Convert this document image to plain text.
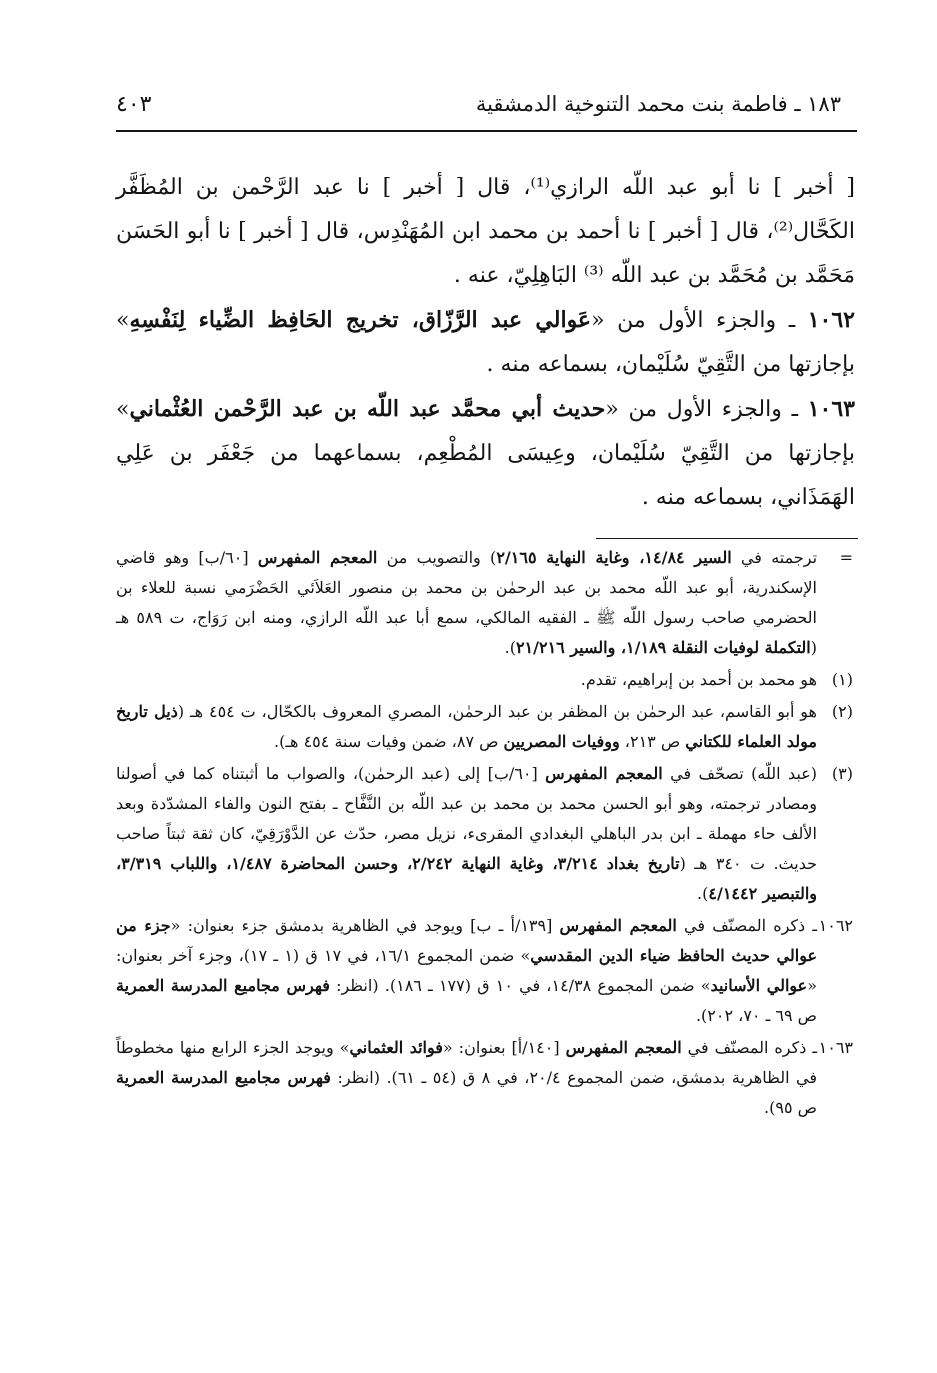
١٨٣ ـ فاطمة بنت محمد التنوخية الدمشقية
٤٠٣

[ أخبر ] نا أبو عبد اللّه الرازي⁽¹⁾، قال [ أخبر ] نا عبد الرَّحْمن بن المُظَفَّر الكَحَّال⁽²⁾، قال [ أخبر ] نا أحمد بن محمد ابن المُهَنْدِس، قال [ أخبر ] نا أبو الحَسَن مَحَمَّد بن مُحَمَّد بن عبد اللّه ⁽³⁾ البَاهِلِيّ، عنه .

١٠٦٢ ـ والجزء الأول من «عَوالي عبد الرَّزّاق، تخريج الحَافِظ الضِّياء لِنَفْسِهِ» بإجازتها من التَّقِيّ سُلَيْمان، بسماعه منه .

١٠٦٣ ـ والجزء الأول من «حديث أبي محمَّد عبد اللّه بن عبد الرَّحْمن العُثْماني» بإجازتها من التَّقِيّ سُلَيْمان، وعِيسَى المُطْعِم، بسماعهما من جَعْفَر بن عَلِي الهَمَذَاني، بسماعه منه .

=
ترجمته في السير ١٤/٨٤، وغاية النهاية ٢/١٦٥) والتصويب من المعجم المفهرس [٦٠/ب] وهو قاضي الإسكندرية، أبو عبد اللّه محمد بن عبد الرحمٰن بن محمد بن منصور العَلاَئي الحَضْرَمي نسبة للعلاء بن الحضرمي صاحب رسول اللّه ﷺ ـ الفقيه المالكي، سمع أبا عبد اللّه الرازي، ومنه ابن رَوَاج، ت ٥٨٩ هـ (التكملة لوفيات النقلة ١/١٨٩، والسير ٢١/٢١٦).
(١)
هو محمد بن أحمد بن إبراهيم، تقدم.
(٢)
هو أبو القاسم، عبد الرحمٰن بن المظفر بن عبد الرحمٰن، المصري المعروف بالكحّال، ت ٤٥٤ هـ (ذيل تاريخ مولد العلماء للكتاني ص ٢١٣، ووفيات المصريين ص ٨٧، ضمن وفيات سنة ٤٥٤ هـ).
(٣)
(عبد اللّه) تصحّف في المعجم المفهرس [٦٠/ب] إلى (عبد الرحمٰن)، والصواب ما أثبتناه كما في أصولنا ومصادر ترجمته، وهو أبو الحسن محمد بن محمد بن عبد اللّه بن النَّفَّاح ـ بفتح النون والفاء المشدّدة وبعد الألف حاء مهملة ـ ابن بدر الباهلي البغدادي المقرىء، نزيل مصر، حدّث عن الدَّوْرَقِيّ، كان ثقة ثبتاً صاحب حديث. ت ٣٤٠ هـ (تاريخ بغداد ٣/٢١٤، وغاية النهاية ٢/٢٤٢، وحسن المحاضرة ١/٤٨٧، واللباب ٣/٣١٩، والتبصير ٤/١٤٤٢).
١٠٦٢
ـ ذكره المصنّف في المعجم المفهرس [١٣٩/أ ـ ب] ويوجد في الظاهرية بدمشق جزء بعنوان: «جزء من عوالي حديث الحافظ ضياء الدين المقدسي» ضمن المجموع ١٦/١، في ١٧ ق (١ ـ ١٧)، وجزء آخر بعنوان: «عوالي الأسانيد» ضمن المجموع ١٤/٣٨، في ١٠ ق (١٧٧ ـ ١٨٦). (انظر: فهرس مجاميع المدرسة العمرية ص ٦٩ ـ ٧٠، ٢٠٢).
١٠٦٣
ـ ذكره المصنّف في المعجم المفهرس [١٤٠/أ] بعنوان: «فوائد العثماني» ويوجد الجزء الرابع منها مخطوطاً في الظاهرية بدمشق، ضمن المجموع ٢٠/٤، في ٨ ق (٥٤ ـ ٦١). (انظر: فهرس مجاميع المدرسة العمرية ص ٩٥).
